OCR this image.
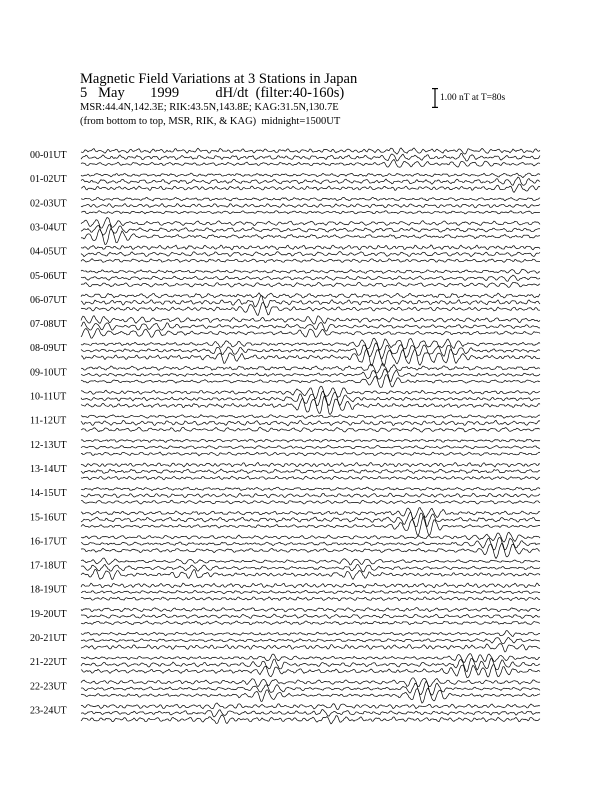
Magnetic Field Variations at 3 Stations in Japan
5 May 1999	dH/dt (filter:40-160s)
MSR:44.4N,142.3E; RIK:43.5N,143.8E; KAG:31.5N,130.7E
(from bottom to top, MSR, RIK, & KAG)  midnight=1500UT
1.00 nT at T=80s
00-01UT
01-02UT
02-03UT
03-04UT
04-05UT
05-06UT
06-07UT
07-08UT
08-09UT
09-10UT
10-11UT
11-12UT
12-13UT
13-14UT
14-15UT
15-16UT
16-17UT
17-18UT
18-19UT
19-20UT
20-21UT
21-22UT
22-23UT
23-24UT
